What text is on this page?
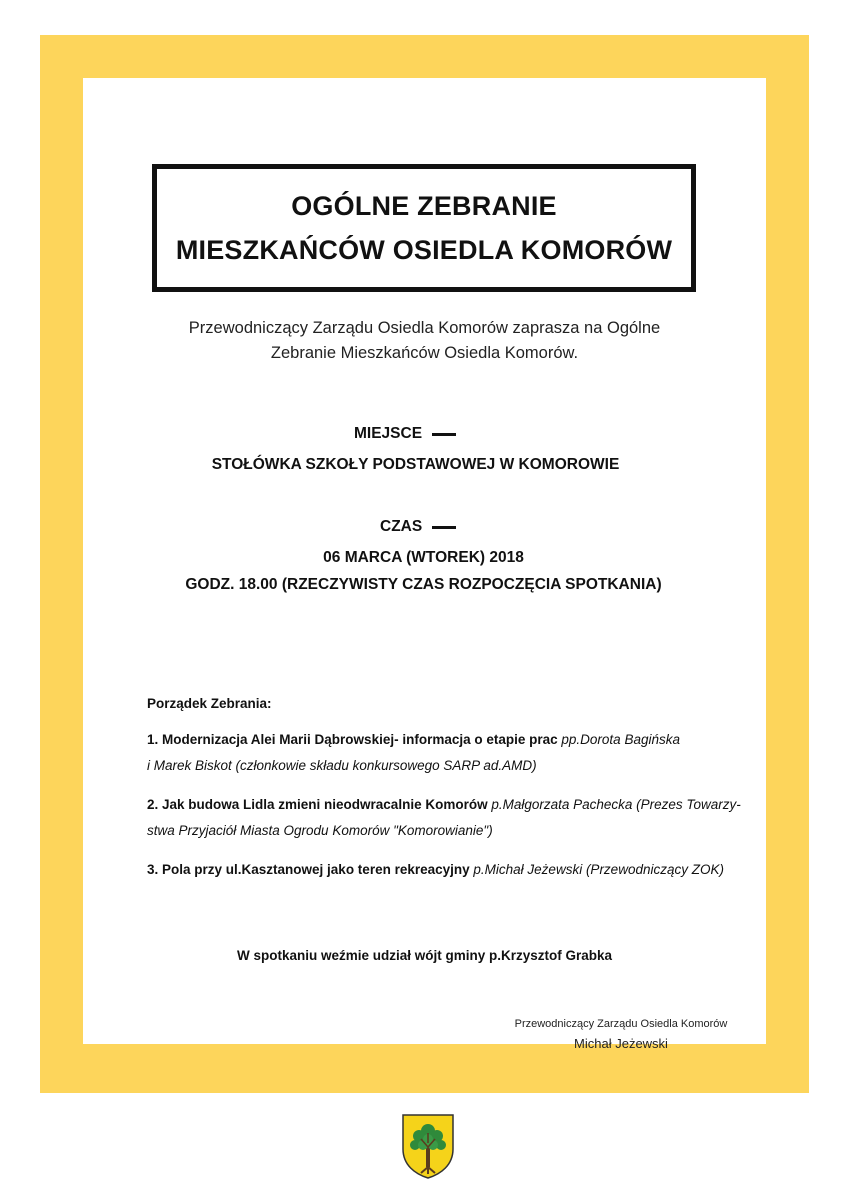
OGÓLNE ZEBRANIE
MIESZKAŃCÓW OSIEDLA KOMORÓW
Przewodniczący Zarządu Osiedla Komorów zaprasza na Ogólne
Zebranie Mieszkańców Osiedla Komorów.
MIEJSCE
STOŁÓWKA SZKOŁY PODSTAWOWEJ W KOMOROWIE
CZAS
06 MARCA (WTOREK) 2018
GODZ. 18.00 (RZECZYWISTY CZAS ROZPOCZĘCIA SPOTKANIA)
Porządek Zebrania:
1. Modernizacja Alei Marii Dąbrowskiej- informacja o etapie prac pp.Dorota Bagińska
i Marek Biskot (członkowie składu konkursowego SARP ad.AMD)
2. Jak budowa Lidla zmieni nieodwracalnie Komorów p.Małgorzata Pachecka (Prezes Towarzy-
stwa Przyjaciół Miasta Ogrodu Komorów "Komorowianie")
3. Pola przy ul.Kasztanowej jako teren rekreacyjny p.Michał Jeżewski (Przewodniczący ZOK)
W spotkaniu weźmie udział wójt gminy p.Krzysztof Grabka
Przewodniczący Zarządu Osiedla Komorów
Michał Jeżewski
